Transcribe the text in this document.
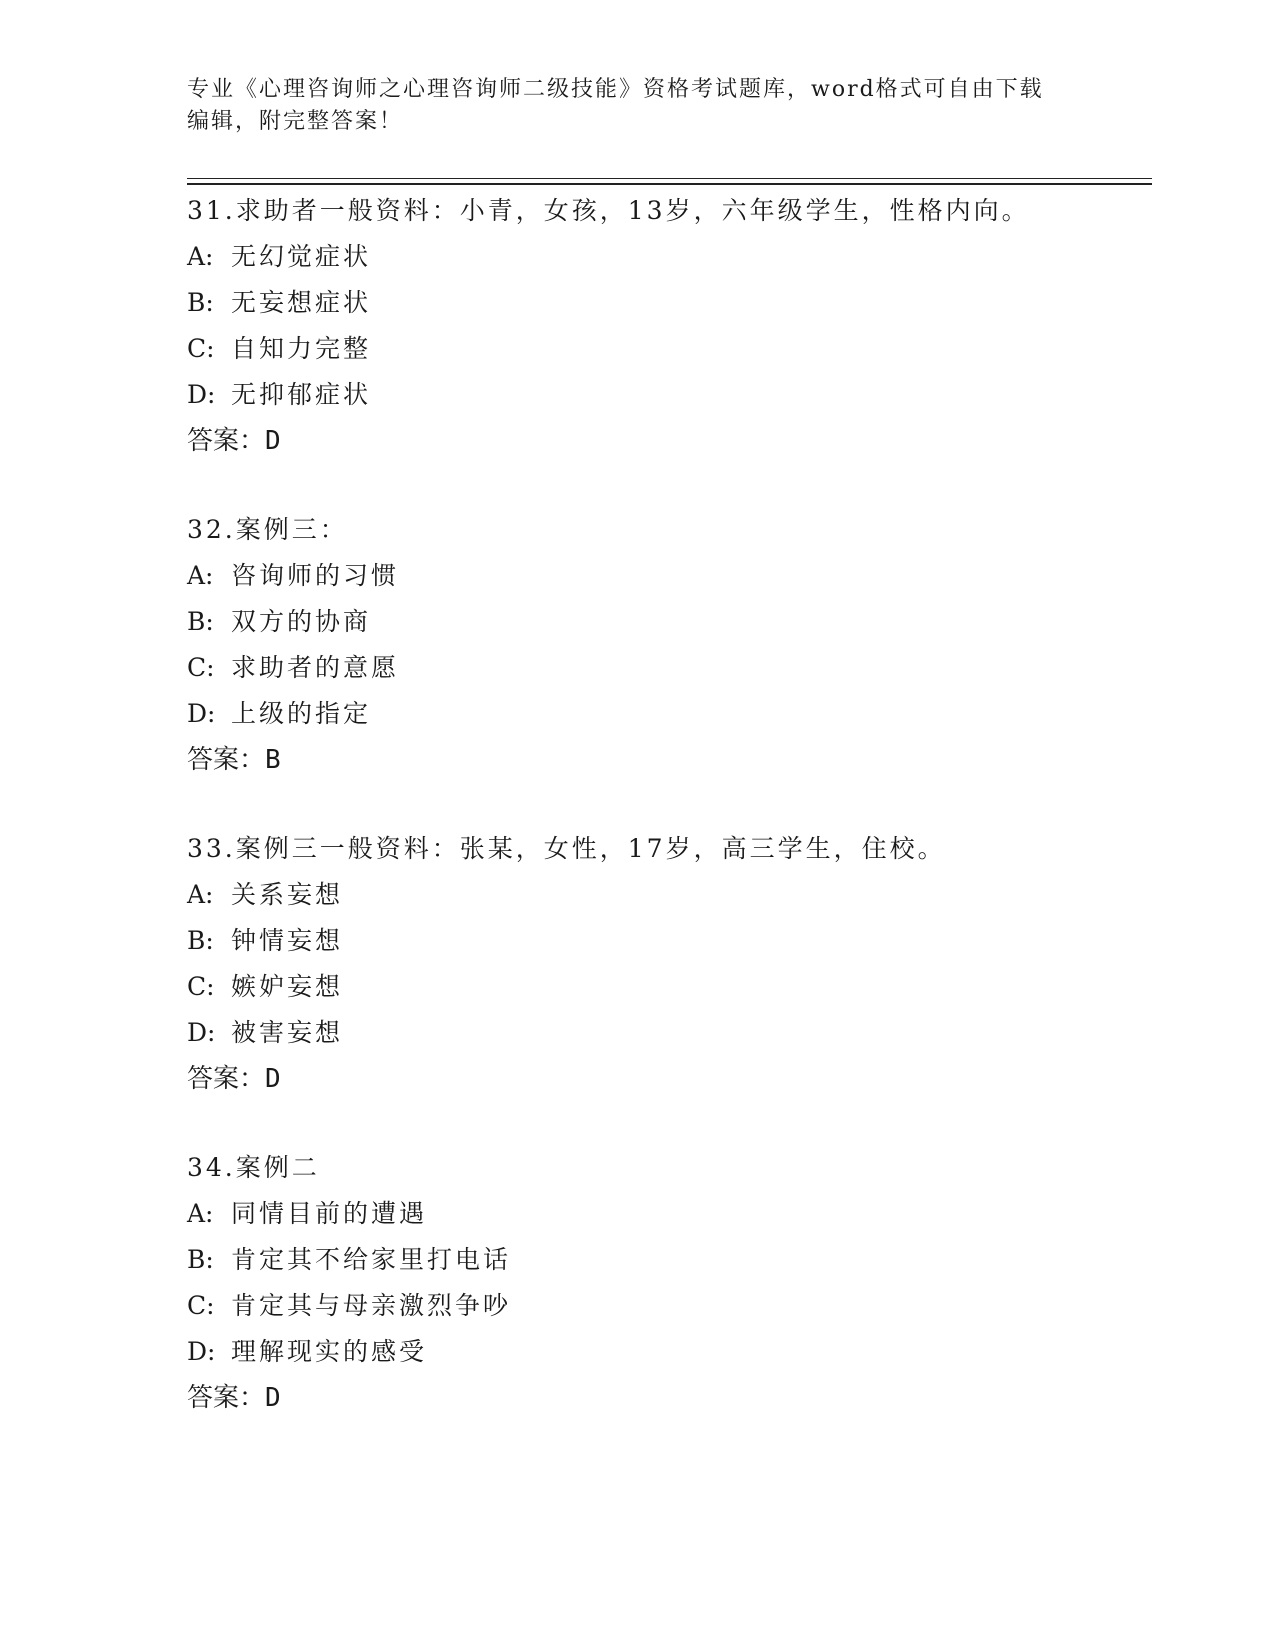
专业《心理咨询师之心理咨询师二级技能》资格考试题库，word格式可自由下载
编辑，附完整答案！
31.求助者一般资料：小青，女孩，13岁，六年级学生，性格内向。
A: 无幻觉症状
B: 无妄想症状
C: 自知力完整
D: 无抑郁症状
答案：D
32.案例三：
A: 咨询师的习惯
B: 双方的协商
C: 求助者的意愿
D: 上级的指定
答案：B
33.案例三一般资料：张某，女性，17岁，高三学生，住校。
A: 关系妄想
B: 钟情妄想
C: 嫉妒妄想
D: 被害妄想
答案：D
34.案例二
A: 同情目前的遭遇
B: 肯定其不给家里打电话
C: 肯定其与母亲激烈争吵
D: 理解现实的感受
答案：D
